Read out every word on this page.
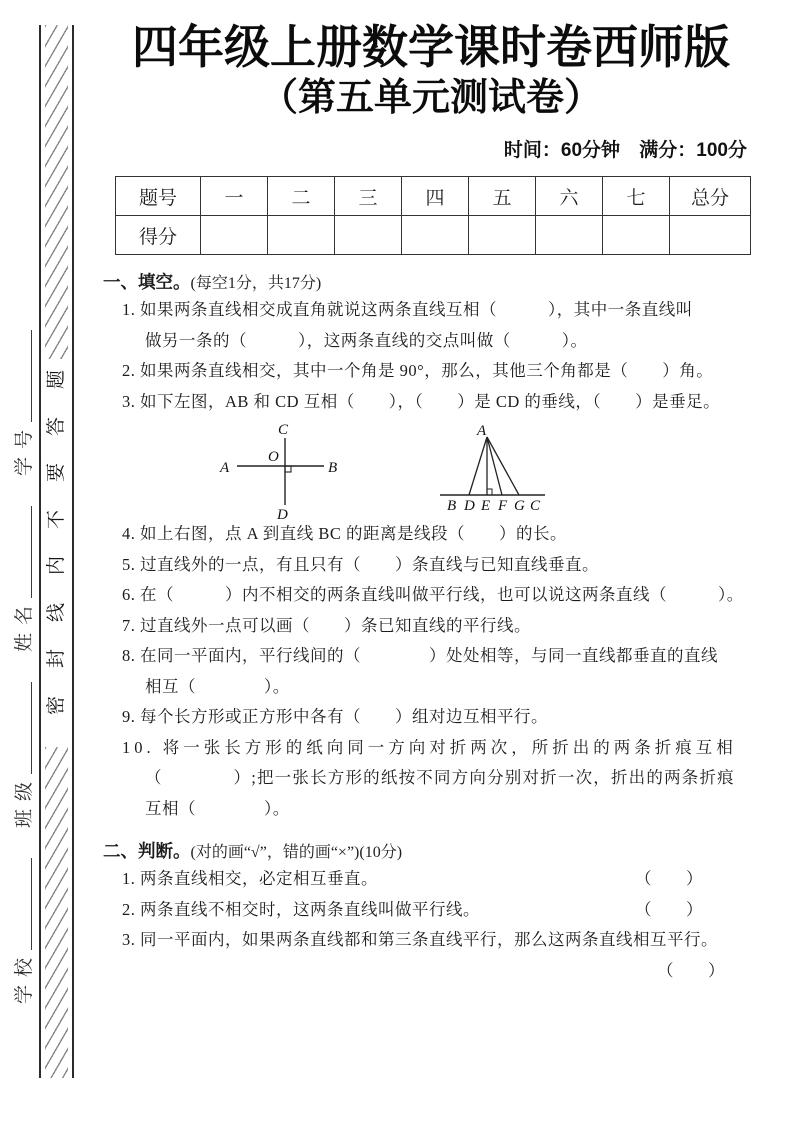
学校
班级
姓名
学号
题
答
要
不
内
线
封
密
四年级上册数学课时卷西师版
（第五单元测试卷）
时间：60分钟 满分：100分
题号	一	二	三	四	五	六	七	总分
得分								
一、填空。(每空1分，共17分)
1. 如果两条直线相交成直角就说这两条直线互相（　　　），其中一条直线叫
做另一条的（　　　），这两条直线的交点叫做（　　　）。
2. 如果两条直线相交，其中一个角是 90°，那么，其他三个角都是（　　）角。
3. 如下左图，AB 和 CD 互相（　　），（　　）是 CD 的垂线，（　　）是垂足。
A	B
C
D
O
A
B D E F G C
4. 如上右图，点 A 到直线 BC 的距离是线段（　　）的长。
5. 过直线外的一点，有且只有（　　）条直线与已知直线垂直。
6. 在（　　　）内不相交的两条直线叫做平行线，也可以说这两条直线（　　　）。
7. 过直线外一点可以画（　　）条已知直线的平行线。
8. 在同一平面内，平行线间的（　　　　）处处相等，与同一直线都垂直的直线
相互（　　　　）。
9. 每个长方形或正方形中各有（　　）组对边互相平行。
10. 将一张长方形的纸向同一方向对折两次，所折出的两条折痕互相
（　　　　）;把一张长方形的纸按不同方向分别对折一次，折出的两条折痕
互相（　　　　）。
二、判断。(对的画“√”，错的画“×”)(10分)
1. 两条直线相交，必定相互垂直。	（　　）
2. 两条直线不相交时，这两条直线叫做平行线。	（　　）
3. 同一平面内，如果两条直线都和第三条直线平行，那么这两条直线相互平行。
（　　）
